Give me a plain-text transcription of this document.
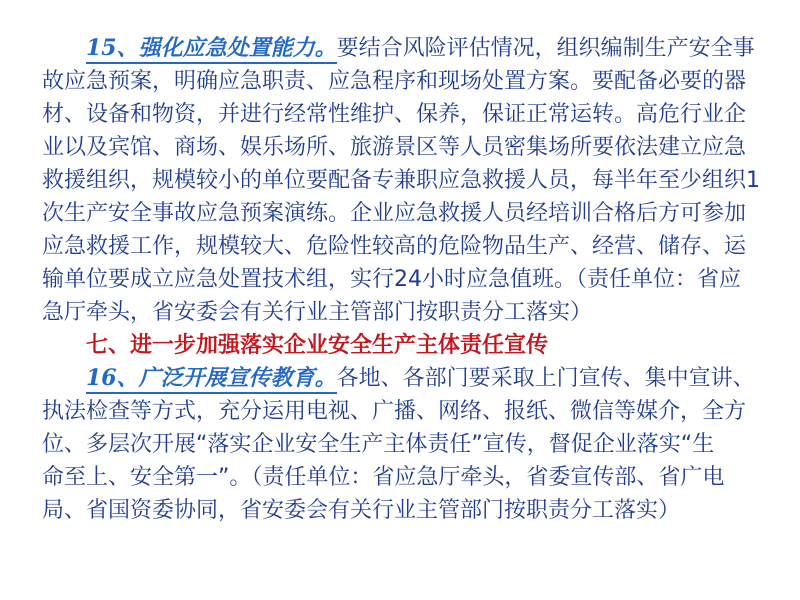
15、强化应急处置能力。要结合风险评估情况，组织编制生产安全事
故应急预案，明确应急职责、应急程序和现场处置方案。要配备必要的器
材、设备和物资，并进行经常性维护、保养，保证正常运转。高危行业企
业以及宾馆、商场、娱乐场所、旅游景区等人员密集场所要依法建立应急
救援组织，规模较小的单位要配备专兼职应急救援人员，每半年至少组织1
次生产安全事故应急预案演练。企业应急救援人员经培训合格后方可参加
应急救援工作，规模较大、危险性较高的危险物品生产、经营、储存、运
输单位要成立应急处置技术组，实行24小时应急值班。（责任单位：省应
急厅牵头，省安委会有关行业主管部门按职责分工落实）
七、进一步加强落实企业安全生产主体责任宣传
16、广泛开展宣传教育。各地、各部门要采取上门宣传、集中宣讲、
执法检查等方式，充分运用电视、广播、网络、报纸、微信等媒介，全方
位、多层次开展“落实企业安全生产主体责任”宣传，督促企业落实“生
命至上、安全第一”。（责任单位：省应急厅牵头，省委宣传部、省广电
局、省国资委协同，省安委会有关行业主管部门按职责分工落实）
